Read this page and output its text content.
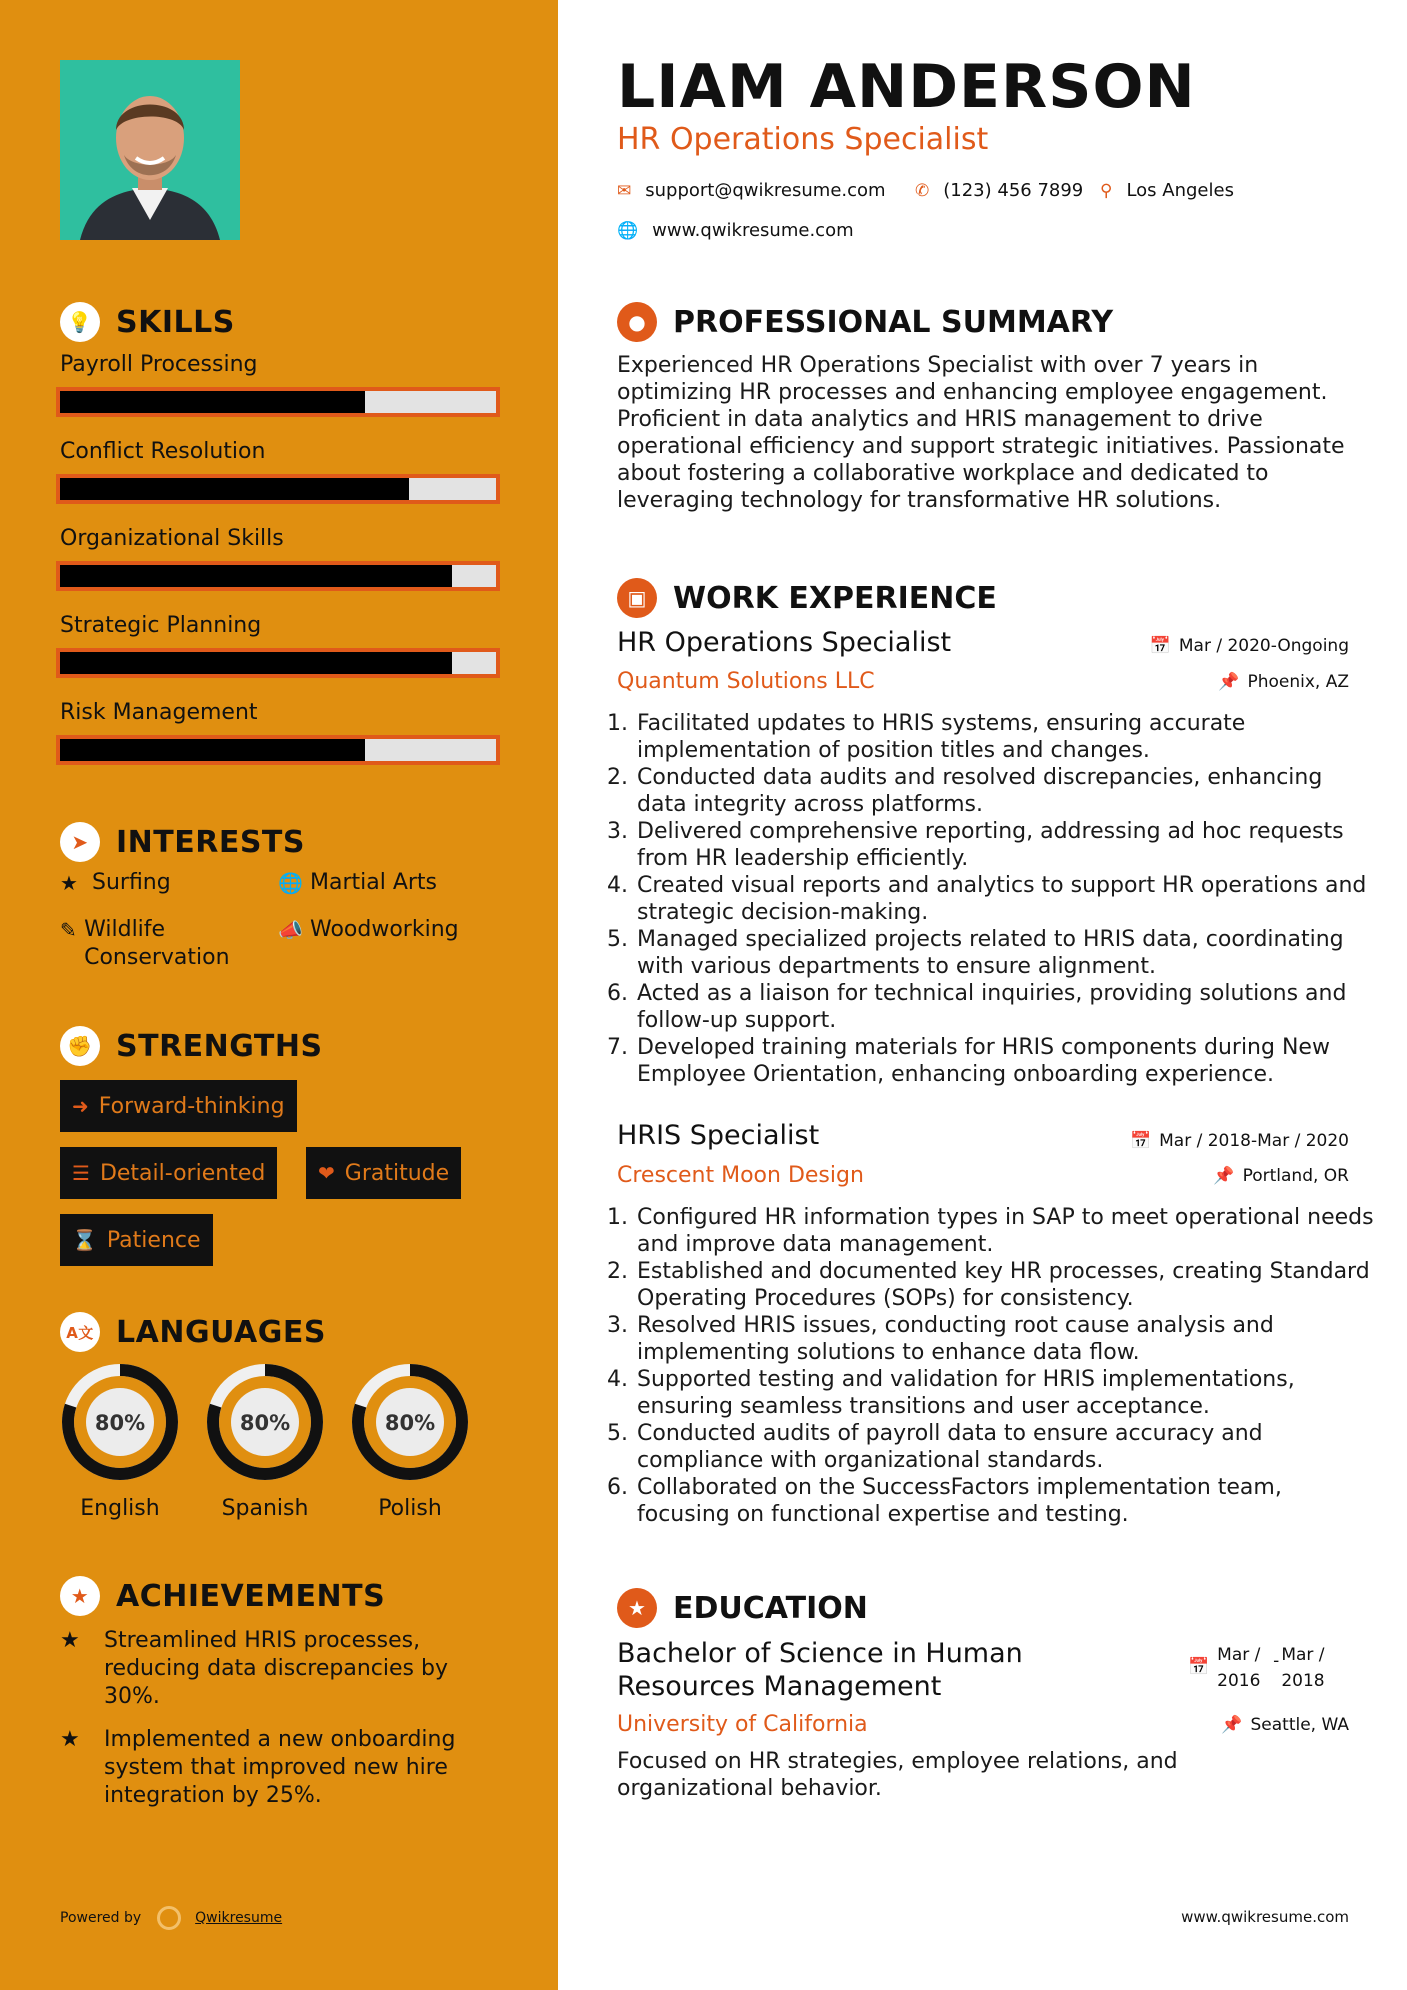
💡 SKILLS
Payroll Processing
Conflict Resolution
Organizational Skills
Strategic Planning
Risk Management
➤ INTERESTS
★ Surfing	🌐 Martial Arts
✎ Wildlife Conservation
📣 Woodworking
✊ STRENGTHS
➜ Forward-thinking
☰ Detail-oriented	❤ Gratitude
⌛ Patience
A文 LANGUAGES
80%
English
80%
Spanish
80%
Polish
★ ACHIEVEMENTS
★	Streamlined HRIS processes, reducing data discrepancies by 30%.
★	Implemented a new onboarding system that improved new hire integration by 25%.
Powered by	Qwikresume
LIAM ANDERSON
HR Operations Specialist
✉ support@qwikresume.com ✆ (123) 456 7899 ⚲ Los Angeles
🌐 www.qwikresume.com
● PROFESSIONAL SUMMARY
Experienced HR Operations Specialist with over 7 years in optimizing HR processes and enhancing employee engagement. Proficient in data analytics and HRIS management to drive operational efficiency and support strategic initiatives. Passionate about fostering a collaborative workplace and dedicated to leveraging technology for transformative HR solutions.
▣ WORK EXPERIENCE
HR Operations Specialist	📅 Mar / 2020-Ongoing
Quantum Solutions LLC	📌 Phoenix, AZ
1. Facilitated updates to HRIS systems, ensuring accurate implementation of position titles and changes.
2. Conducted data audits and resolved discrepancies, enhancing data integrity across platforms.
3. Delivered comprehensive reporting, addressing ad hoc requests from HR leadership efficiently.
4. Created visual reports and analytics to support HR operations and strategic decision-making.
5. Managed specialized projects related to HRIS data, coordinating with various departments to ensure alignment.
6. Acted as a liaison for technical inquiries, providing solutions and follow-up support.
7. Developed training materials for HRIS components during New Employee Orientation, enhancing onboarding experience.
HRIS Specialist	📅 Mar / 2018-Mar / 2020
Crescent Moon Design	📌 Portland, OR
1. Configured HR information types in SAP to meet operational needs and improve data management.
2. Established and documented key HR processes, creating Standard Operating Procedures (SOPs) for consistency.
3. Resolved HRIS issues, conducting root cause analysis and implementing solutions to enhance data flow.
4. Supported testing and validation for HRIS implementations, ensuring seamless transitions and user acceptance.
5. Conducted audits of payroll data to ensure accuracy and compliance with organizational standards.
6. Collaborated on the SuccessFactors implementation team, focusing on functional expertise and testing.
★ EDUCATION
Bachelor of Science in Human Resources Management
📅
Mar / 2016
- Mar / 2018
University of California	📌 Seattle, WA
Focused on HR strategies, employee relations, and organizational behavior.
www.qwikresume.com
